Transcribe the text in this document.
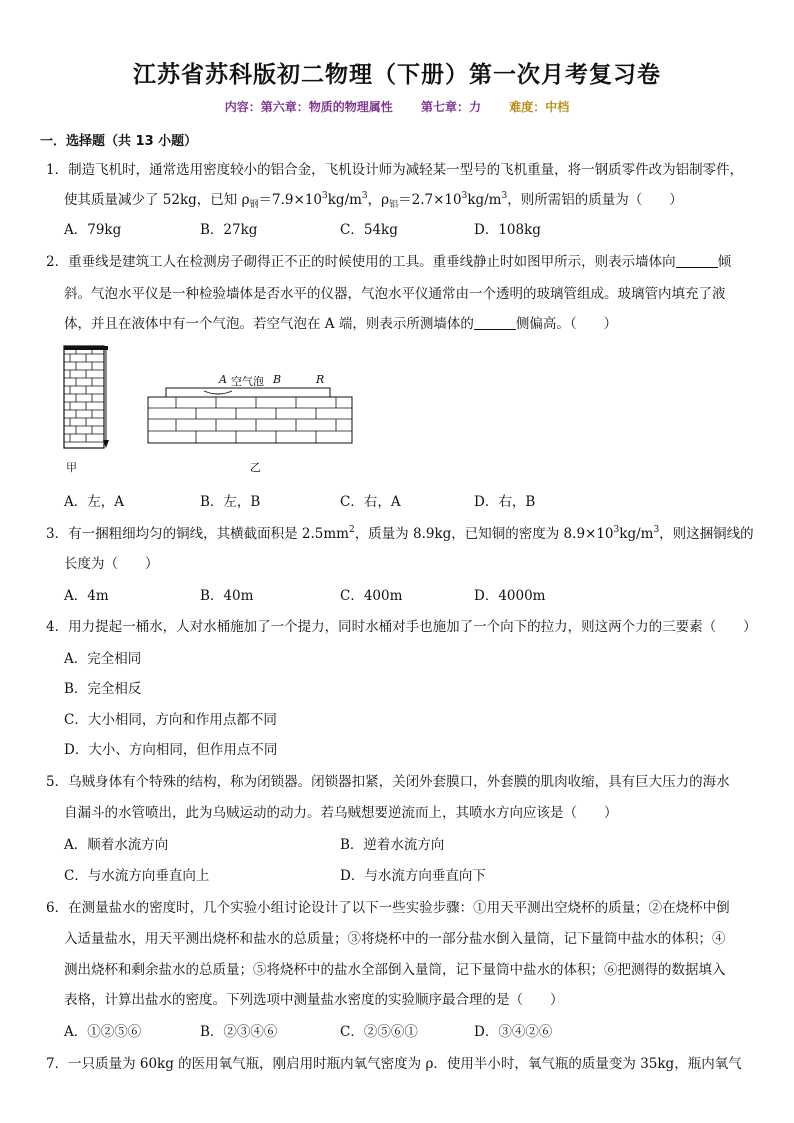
江苏省苏科版初二物理（下册）第一次月考复习卷
内容：第六章：物质的物理属性 第七章：力 难度：中档
一．选择题（共 13 小题）
1．制造飞机时，通常选用密度较小的铝合金，飞机设计师为减轻某一型号的飞机重量，将一钢质零件改为铝制零件，
使其质量减少了 52kg，已知 $\rho_钢=7.9\times 10^3kg/m^3$，$\rho_铝=2.7\times 10^3kg/m^3$，则所需铝的质量为（　　）
A．79kg	B．27kg	C．54kg	D．108kg
2．重垂线是建筑工人在检测房子砌得正不正的时候使用的工具。重垂线静止时如图甲所示，则表示墙体向	倾
斜。气泡水平仪是一种检验墙体是否水平的仪器，气泡水平仪通常由一个透明的玻璃管组成。玻璃管内填充了液
体，并且在液体中有一个气泡。若空气泡在 A 端，则表示所测墙体的	侧偏高。（　　）
甲
A 空气泡 B	R
乙
A．左，A	B．左，B	C．右，A	D．右，B
3．有一捆粗细均匀的铜线，其横截面积是 $2.5mm^2$，质量为 8.9kg，已知铜的密度为 $8.9\times 10^3kg/m^3$，则这捆铜线的
长度为（　　）
A．4m	B．40m	C．400m	D．4000m
4．用力提起一桶水，人对水桶施加了一个提力，同时水桶对手也施加了一个向下的拉力，则这两个力的三要素（　　）
A．完全相同
B．完全相反
C．大小相同，方向和作用点都不同
D．大小、方向相同，但作用点不同
5．乌贼身体有个特殊的结构，称为闭锁器。闭锁器扣紧，关闭外套膜口，外套膜的肌肉收缩，具有巨大压力的海水
自漏斗的水管喷出，此为乌贼运动的动力。若乌贼想要逆流而上，其喷水方向应该是（　　）
A．顺着水流方向	B．逆着水流方向
C．与水流方向垂直向上	D．与水流方向垂直向下
6．在测量盐水的密度时，几个实验小组讨论设计了以下一些实验步骤：①用天平测出空烧杯的质量；②在烧杯中倒
入适量盐水，用天平测出烧杯和盐水的总质量；③将烧杯中的一部分盐水倒入量筒，记下量筒中盐水的体积；④
测出烧杯和剩余盐水的总质量；⑤将烧杯中的盐水全部倒入量筒，记下量筒中盐水的体积；⑥把测得的数据填入
表格，计算出盐水的密度。下列选项中测量盐水密度的实验顺序最合理的是（　　）
A．①②⑤⑥	B．②③④⑥	C．②⑤⑥①	D．③④②⑥
7．一只质量为 60kg 的医用氧气瓶，刚启用时瓶内氧气密度为 ρ．使用半小时，氧气瓶的质量变为 35kg，瓶内氧气
